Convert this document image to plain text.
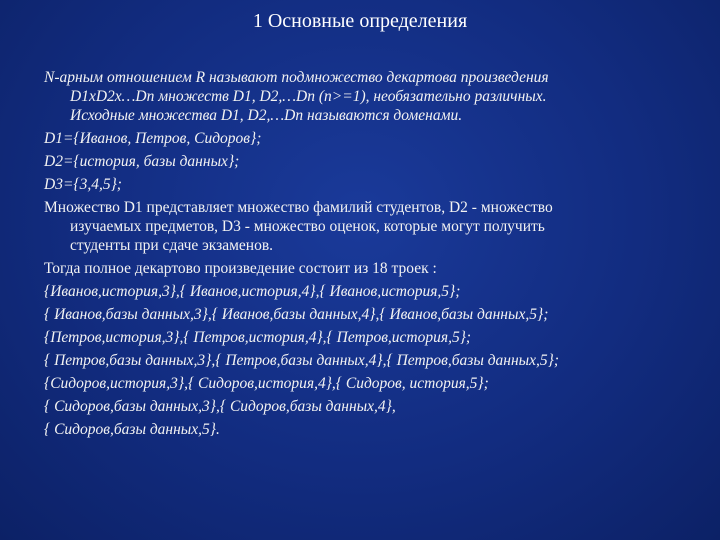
1 Основные определения
N-арным отношением R называют подмножество декартова произведения
D1xD2x…Dn множеств D1, D2,…Dn (n>=1), необязательно различных.
Исходные множества D1, D2,…Dn называются доменами.
D1={Иванов, Петров, Сидоров};
D2={история, базы данных};
D3={3,4,5};
Множество D1 представляет множество фамилий студентов, D2 - множество
изучаемых предметов, D3 - множество оценок, которые могут получить
студенты при сдаче экзаменов.
Тогда полное декартово произведение состоит из 18 троек :
{Иванов,история,3},{ Иванов,история,4},{ Иванов,история,5};
{ Иванов,базы данных,3},{ Иванов,базы данных,4},{ Иванов,базы данных,5};
{Петров,история,3},{ Петров,история,4},{ Петров,история,5};
{ Петров,базы данных,3},{ Петров,базы данных,4},{ Петров,базы данных,5};
{Сидоров,история,3},{ Сидоров,история,4},{ Сидоров, история,5};
{ Сидоров,базы данных,3},{ Сидоров,базы данных,4},
{ Сидоров,базы данных,5}.
